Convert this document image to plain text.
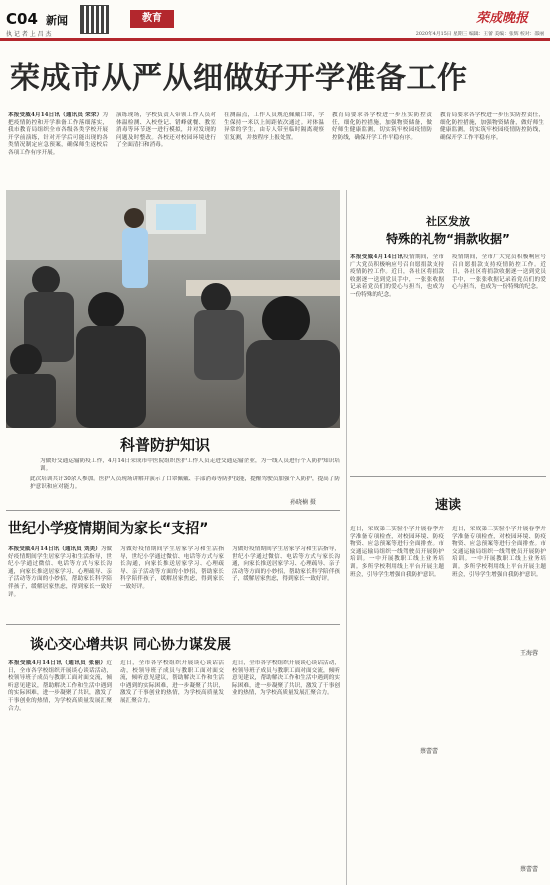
C04 新闻
执 记 者 上 昌 杰
教育	荣成晚报
2020年4月15日 星期三 编辑：王蕾 美编：张辉 校对：邵丽
荣成市从严从细做好开学准备工作
本报受威4月14日讯（通讯员 荣荣）为把疫情防控和开学准备工作落细落实，我市教育局组织全市各级各类学校开展开学前演练，针对开学后可能出现的各类情况制定应急预案，确保师生返校后各项工作有序开展。
演练现场，学校负责人带领工作人员对体温检测、入校登记、错峰就餐、教室消毒等环节逐一进行模拟，并对发现的问题及时整改。各校还对校园环境进行了全面清扫和消毒。
在测温点，工作人员规范佩戴口罩，学生保持一米以上间距依次通过。对体温异常的学生，由专人带至临时隔离观察室复测，并按程序上报处置。
教育局要求各学校进一步压实防控责任，细化防控措施，加强物资储备，做好师生健康监测，切实筑牢校园疫情防控防线，确保开学工作平稳有序。
教育局要求各学校进一步压实防控责任，细化防控措施，加强物资储备，做好师生健康监测，切实筑牢校园疫情防控防线，确保开学工作平稳有序。
科普防护知识
为做好交通运输防疫工作，4月14日荣成市中医院组织医护工作人员走进交通运输企业，为一线人员进行个人防护知识培训。
此次培训共计30余人参加。医护人员现场讲解并演示了口罩佩戴、手部消毒等防护技能，提醒驾驶员加强个人防护，提高了防护意识和应对能力。
孙晓楠 摄
社区发放
特殊的礼物“捐款收据”
本报受威4月14日讯疫情期间，全市广大党员积极响应号召自愿捐款支持疫情防控工作。近日，各社区将捐款收据逐一送到党员手中，一张张收据记录着党员们的爱心与担当，也成为一份特殊的纪念。
疫情期间，全市广大党员积极响应号召自愿捐款支持疫情防控工作。近日，各社区将捐款收据逐一送到党员手中，一张张收据记录着党员们的爱心与担当，也成为一份特殊的纪念。
速读
近日，荣成第二实验小学开展春季开学准备专项检查，对校园环境、防疫物资、应急预案等进行全面排查。市交通运输局组织一线驾驶员开展防护培训。一中开展教职工线上业务培训。多所学校利用线上平台开展主题班会，引导学生增强自我防护意识。
近日，荣成第二实验小学开展春季开学准备专项检查，对校园环境、防疫物资、应急预案等进行全面排查。市交通运输局组织一线驾驶员开展防护培训。一中开展教职工线上业务培训。多所学校利用线上平台开展主题班会，引导学生增强自我防护意识。
蔡蕾蕾
王海蓉
蔡蕾蕾
世纪小学疫情期间为家长“支招”
本报受威4月14日讯（通讯员 刘美）为做好疫情期间学生居家学习和生活指导，世纪小学通过微信、电话等方式与家长沟通，向家长推送居家学习、心理疏导、亲子活动等方面的小妙招，帮助家长科学陪伴孩子，缓解居家焦虑，得到家长一致好评。
为做好疫情期间学生居家学习和生活指导，世纪小学通过微信、电话等方式与家长沟通，向家长推送居家学习、心理疏导、亲子活动等方面的小妙招，帮助家长科学陪伴孩子，缓解居家焦虑，得到家长一致好评。
为做好疫情期间学生居家学习和生活指导，世纪小学通过微信、电话等方式与家长沟通，向家长推送居家学习、心理疏导、亲子活动等方面的小妙招，帮助家长科学陪伴孩子，缓解居家焦虑，得到家长一致好评。
谈心交心增共识 同心协力谋发展
本报受威4月14日讯（通讯员 张丽）近日，全市各学校组织开展谈心谈话活动，校领导班子成员与教职工面对面交流，倾听意见建议，帮助解决工作和生活中遇到的实际困难，进一步凝聚了共识，激发了干事创业的热情，为学校高质量发展汇聚合力。
近日，全市各学校组织开展谈心谈话活动，校领导班子成员与教职工面对面交流，倾听意见建议，帮助解决工作和生活中遇到的实际困难，进一步凝聚了共识，激发了干事创业的热情，为学校高质量发展汇聚合力。
近日，全市各学校组织开展谈心谈话活动，校领导班子成员与教职工面对面交流，倾听意见建议，帮助解决工作和生活中遇到的实际困难，进一步凝聚了共识，激发了干事创业的热情，为学校高质量发展汇聚合力。
